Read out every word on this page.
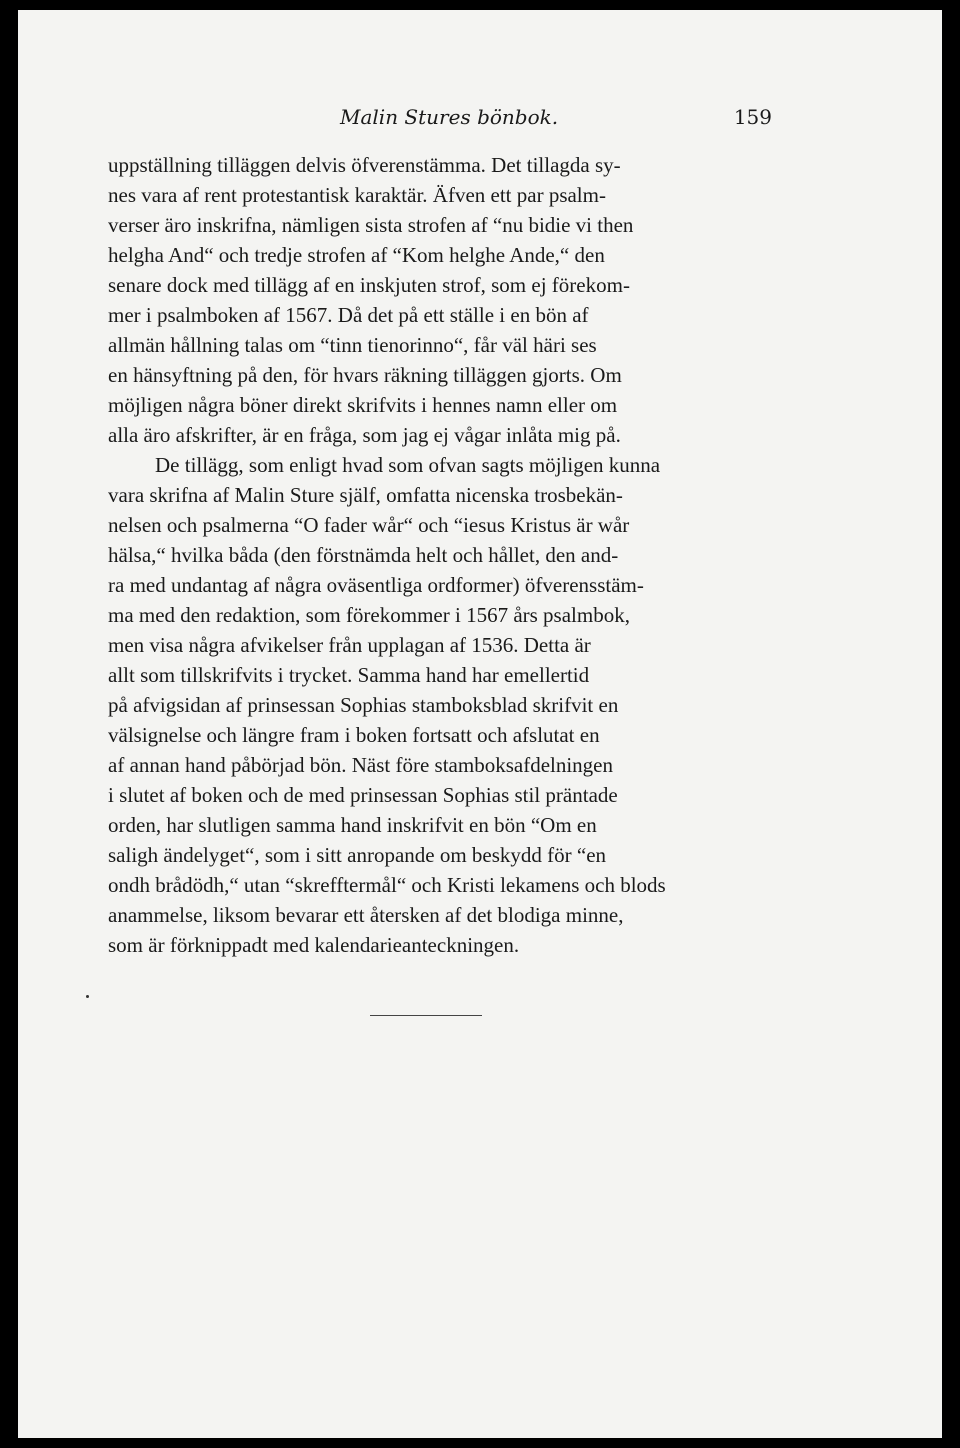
Malin Stures bönbok.	159
uppställning tilläggen delvis öfverenstämma. Det tillagda sy-
nes vara af rent protestantisk karaktär. Äfven ett par psalm-
verser äro inskrifna, nämligen sista strofen af “nu bidie vi then
helgha And“ och tredje strofen af “Kom helghe Ande,“ den
senare dock med tillägg af en inskjuten strof, som ej förekom-
mer i psalmboken af 1567. Då det på ett ställe i en bön af
allmän hållning talas om “tinn tienorinno“, får väl häri ses
en hänsyftning på den, för hvars räkning tilläggen gjorts. Om
möjligen några böner direkt skrifvits i hennes namn eller om
alla äro afskrifter, är en fråga, som jag ej vågar inlåta mig på.
De tillägg, som enligt hvad som ofvan sagts möjligen kunna
vara skrifna af Malin Sture själf, omfatta nicenska trosbekän-
nelsen och psalmerna “O fader wår“ och “iesus Kristus är wår
hälsa,“ hvilka båda (den förstnämda helt och hållet, den and-
ra med undantag af några oväsentliga ordformer) öfverensstäm-
ma med den redaktion, som förekommer i 1567 års psalmbok,
men visa några afvikelser från upplagan af 1536. Detta är
allt som tillskrifvits i trycket. Samma hand har emellertid
på afvigsidan af prinsessan Sophias stamboksblad skrifvit en
välsignelse och längre fram i boken fortsatt och afslutat en
af annan hand påbörjad bön. Näst före stamboksafdelningen
i slutet af boken och de med prinsessan Sophias stil präntade
orden, har slutligen samma hand inskrifvit en bön “Om en
saligh ändelyget“, som i sitt anropande om beskydd för “en
ondh brådödh,“ utan “skrefftermål“ och Kristi lekamens och blods
anammelse, liksom bevarar ett återsken af det blodiga minne,
som är förknippadt med kalendarieanteckningen.
